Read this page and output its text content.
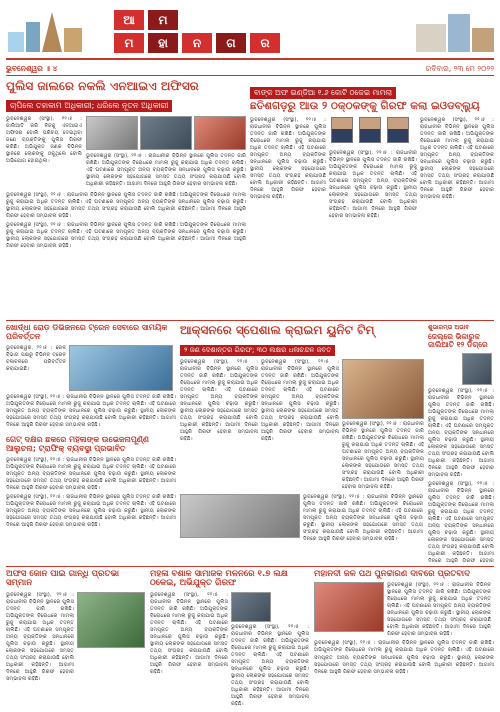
ଆ	ମ
ମ	ହା	ନ	ଗ	ର
ଭୁବନେଶ୍ୱର ॥ ୪	ରବିବାର, ୨୩ ମେ ୨୦୨୨
ପୁଲିସ ଜାଲରେ ନକଲି ଏନଆଇଏ ଅଫିସର
ଚାପିଲେ ତହାକାମ ଅଧିକାରୀ; ଧରିଲେ ନୂତନ ଅଧିକାରୀ
ଭୁବନେଶ୍ୱର (ସଂସ୍ଥା), ୨୨।୫ : ଜାଲିଆତି କରି ନିଜକୁ ଏନଆଇଏ ଅଫିସର ବୋଲି ପରିଚୟ ଦେଇଥିବା ଜଣେ ବ୍ୟକ୍ତିଙ୍କୁ ପୁଲିସ ଗିରଫ କରିଛି। ଅଭିଯୁକ୍ତ ଜଣକ ବିଭିନ୍ନ ସ୍ଥାନରେ ଲୋକଙ୍କୁ ଠକୁଥିଲେ ବୋଲି ଅଭିଯୋଗ ହୋଇଥିଲା।
ଭୁବନେଶ୍ୱର (ସଂସ୍ଥା), ୨୨।୫ : ରାଜଧାନୀର ବିଭିନ୍ନ ସ୍ଥାନରେ ପୁଲିସ ତଦନ୍ତ ଜାରି ରଖିଛି। ଅଭିଯୁକ୍ତଙ୍କ ବିରୋଧରେ ମାମଲା ରୁଜୁ କରାଯାଇ ଅଧିକ ତଦନ୍ତ ଚାଲିଛି। ଏହି ଘଟଣାରେ ସମ୍ପୃକ୍ତ ଅନ୍ୟ ବ୍ୟକ୍ତିଙ୍କ ସନ୍ଧାନରେ ପୁଲିସ ଚଢ଼ାଉ କରୁଛି। ସ୍ଥାନୀୟ ଲୋକଙ୍କ ସହଯୋଗରେ ସମସ୍ତ ତଥ୍ୟ ସଂଗ୍ରହ କରାଯାଉଛି ବୋଲି ଅଧିକାରୀ କହିଛନ୍ତି। ଆଗାମୀ ଦିନରେ ଆହୁରି ଗିରଫ ହେବାର ସମ୍ଭାବନା ରହିଛି।
ଭୁବନେଶ୍ୱର (ସଂସ୍ଥା), ୨୨।୫ : ରାଜଧାନୀର ବିଭିନ୍ନ ସ୍ଥାନରେ ପୁଲିସ ତଦନ୍ତ ଜାରି ରଖିଛି। ଅଭିଯୁକ୍ତଙ୍କ ବିରୋଧରେ ମାମଲା ରୁଜୁ କରାଯାଇ ଅଧିକ ତଦନ୍ତ ଚାଲିଛି। ଏହି ଘଟଣାରେ ସମ୍ପୃକ୍ତ ଅନ୍ୟ ବ୍ୟକ୍ତିଙ୍କ ସନ୍ଧାନରେ ପୁଲିସ ଚଢ଼ାଉ କରୁଛି। ସ୍ଥାନୀୟ ଲୋକଙ୍କ ସହଯୋଗରେ ସମସ୍ତ ତଥ୍ୟ ସଂଗ୍ରହ କରାଯାଉଛି ବୋଲି ଅଧିକାରୀ କହିଛନ୍ତି। ଆଗାମୀ ଦିନରେ ଆହୁରି ଗିରଫ ହେବାର ସମ୍ଭାବନା ରହିଛି।
ଭୁବନେଶ୍ୱର (ସଂସ୍ଥା), ୨୨।୫ : ରାଜଧାନୀର ବିଭିନ୍ନ ସ୍ଥାନରେ ପୁଲିସ ତଦନ୍ତ ଜାରି ରଖିଛି। ଅଭିଯୁକ୍ତଙ୍କ ବିରୋଧରେ ମାମଲା ରୁଜୁ କରାଯାଇ ଅଧିକ ତଦନ୍ତ ଚାଲିଛି। ଏହି ଘଟଣାରେ ସମ୍ପୃକ୍ତ ଅନ୍ୟ ବ୍ୟକ୍ତିଙ୍କ ସନ୍ଧାନରେ ପୁଲିସ ଚଢ଼ାଉ କରୁଛି। ସ୍ଥାନୀୟ ଲୋକଙ୍କ ସହଯୋଗରେ ସମସ୍ତ ତଥ୍ୟ ସଂଗ୍ରହ କରାଯାଉଛି ବୋଲି ଅଧିକାରୀ କହିଛନ୍ତି। ଆଗାମୀ ଦିନରେ ଆହୁରି ଗିରଫ ହେବାର ସମ୍ଭାବନା ରହିଛି।
ବାଙ୍କ ଅଫ ଇଣ୍ଡିଆ ୧.୬ କୋଟି ଠକେଇ ମାମଲା
ଛତିଶଗଡ଼ରୁ ଆଉ ୨ ଠକ୍ଠକଙ୍କୁ ଗିରଫ କଲା ଇଓଡବ୍ଲ୍ୟୁ
ଭୁବନେଶ୍ୱର (ସଂସ୍ଥା), ୨୨।୫ : ରାଜଧାନୀର ବିଭିନ୍ନ ସ୍ଥାନରେ ପୁଲିସ ତଦନ୍ତ ଜାରି ରଖିଛି। ଅଭିଯୁକ୍ତଙ୍କ ବିରୋଧରେ ମାମଲା ରୁଜୁ କରାଯାଇ ଅଧିକ ତଦନ୍ତ ଚାଲିଛି। ଏହି ଘଟଣାରେ ସମ୍ପୃକ୍ତ ଅନ୍ୟ ବ୍ୟକ୍ତିଙ୍କ ସନ୍ଧାନରେ ପୁଲିସ ଚଢ଼ାଉ କରୁଛି। ସ୍ଥାନୀୟ ଲୋକଙ୍କ ସହଯୋଗରେ ସମସ୍ତ ତଥ୍ୟ ସଂଗ୍ରହ କରାଯାଉଛି ବୋଲି ଅଧିକାରୀ କହିଛନ୍ତି। ଆଗାମୀ ଦିନରେ ଆହୁରି ଗିରଫ ହେବାର ସମ୍ଭାବନା ରହିଛି।
ଭୁବନେଶ୍ୱର (ସଂସ୍ଥା), ୨୨।୫ : ରାଜଧାନୀର ବିଭିନ୍ନ ସ୍ଥାନରେ ପୁଲିସ ତଦନ୍ତ ଜାରି ରଖିଛି। ଅଭିଯୁକ୍ତଙ୍କ ବିରୋଧରେ ମାମଲା ରୁଜୁ କରାଯାଇ ଅଧିକ ତଦନ୍ତ ଚାଲିଛି। ଏହି ଘଟଣାରେ ସମ୍ପୃକ୍ତ ଅନ୍ୟ ବ୍ୟକ୍ତିଙ୍କ ସନ୍ଧାନରେ ପୁଲିସ ଚଢ଼ାଉ କରୁଛି। ସ୍ଥାନୀୟ ଲୋକଙ୍କ ସହଯୋଗରେ ସମସ୍ତ ତଥ୍ୟ ସଂଗ୍ରହ କରାଯାଉଛି ବୋଲି ଅଧିକାରୀ କହିଛନ୍ତି। ଆଗାମୀ ଦିନରେ ଆହୁରି ଗିରଫ ହେବାର ସମ୍ଭାବନା ରହିଛି।
ଭୁବନେଶ୍ୱର (ସଂସ୍ଥା), ୨୨।୫ : ରାଜଧାନୀର ବିଭିନ୍ନ ସ୍ଥାନରେ ପୁଲିସ ତଦନ୍ତ ଜାରି ରଖିଛି। ଅଭିଯୁକ୍ତଙ୍କ ବିରୋଧରେ ମାମଲା ରୁଜୁ କରାଯାଇ ଅଧିକ ତଦନ୍ତ ଚାଲିଛି। ଏହି ଘଟଣାରେ ସମ୍ପୃକ୍ତ ଅନ୍ୟ ବ୍ୟକ୍ତିଙ୍କ ସନ୍ଧାନରେ ପୁଲିସ ଚଢ଼ାଉ କରୁଛି। ସ୍ଥାନୀୟ ଲୋକଙ୍କ ସହଯୋଗରେ ସମସ୍ତ ତଥ୍ୟ ସଂଗ୍ରହ କରାଯାଉଛି ବୋଲି ଅଧିକାରୀ କହିଛନ୍ତି। ଆଗାମୀ ଦିନରେ ଆହୁରି ଗିରଫ ହେବାର ସମ୍ଭାବନା ରହିଛି।
ଖୋର୍ଦ୍ଧା ରୋଡ଼ ଡିଭିଜନରେ ଟ୍ରେନ ସେବାରେ ସାମୟିକ ପରିବର୍ତ୍ତନ
ଭୁବନେଶ୍ୱର, ୨୨।୫ : ରେଳ ବିଭାଗ ପକ୍ଷରୁ ବିଭିନ୍ନ ଟ୍ରେନ ଚଳାଚଳରେ ପରିବର୍ତ୍ତନ କରାଯାଇଛି।
ଭୁବନେଶ୍ୱର (ସଂସ୍ଥା), ୨୨।୫ : ରାଜଧାନୀର ବିଭିନ୍ନ ସ୍ଥାନରେ ପୁଲିସ ତଦନ୍ତ ଜାରି ରଖିଛି। ଅଭିଯୁକ୍ତଙ୍କ ବିରୋଧରେ ମାମଲା ରୁଜୁ କରାଯାଇ ଅଧିକ ତଦନ୍ତ ଚାଲିଛି। ଏହି ଘଟଣାରେ ସମ୍ପୃକ୍ତ ଅନ୍ୟ ବ୍ୟକ୍ତିଙ୍କ ସନ୍ଧାନରେ ପୁଲିସ ଚଢ଼ାଉ କରୁଛି। ସ୍ଥାନୀୟ ଲୋକଙ୍କ ସହଯୋଗରେ ସମସ୍ତ ତଥ୍ୟ ସଂଗ୍ରହ କରାଯାଉଛି ବୋଲି ଅଧିକାରୀ କହିଛନ୍ତି। ଆଗାମୀ ଦିନରେ ଆହୁରି ଗିରଫ ହେବାର ସମ୍ଭାବନା ରହିଛି।
ଆକ୍ସନରେ ସ୍ପେଶାଲ କ୍ରାଇମ ୟୁନିଟ ଟିମ୍
୨ ଜଣ ଦେଶାନ୍ତର ଗିରଫ; ୩୦ ଲକ୍ଷର ଧଳାଚନ୍ଦନ ଜବତ
ଭୁବନେଶ୍ୱର (ସଂସ୍ଥା), ୨୨।୫ : ରାଜଧାନୀର ବିଭିନ୍ନ ସ୍ଥାନରେ ପୁଲିସ ତଦନ୍ତ ଜାରି ରଖିଛି। ଅଭିଯୁକ୍ତଙ୍କ ବିରୋଧରେ ମାମଲା ରୁଜୁ କରାଯାଇ ଅଧିକ ତଦନ୍ତ ଚାଲିଛି। ଏହି ଘଟଣାରେ ସମ୍ପୃକ୍ତ ଅନ୍ୟ ବ୍ୟକ୍ତିଙ୍କ ସନ୍ଧାନରେ ପୁଲିସ ଚଢ଼ାଉ କରୁଛି। ସ୍ଥାନୀୟ ଲୋକଙ୍କ ସହଯୋଗରେ ସମସ୍ତ ତଥ୍ୟ ସଂଗ୍ରହ କରାଯାଉଛି ବୋଲି ଅଧିକାରୀ କହିଛନ୍ତି। ଆଗାମୀ ଦିନରେ ଆହୁରି ଗିରଫ ହେବାର ସମ୍ଭାବନା ରହିଛି।
ଭୁବନେଶ୍ୱର (ସଂସ୍ଥା), ୨୨।୫ : ରାଜଧାନୀର ବିଭିନ୍ନ ସ୍ଥାନରେ ପୁଲିସ ତଦନ୍ତ ଜାରି ରଖିଛି। ଅଭିଯୁକ୍ତଙ୍କ ବିରୋଧରେ ମାମଲା ରୁଜୁ କରାଯାଇ ଅଧିକ ତଦନ୍ତ ଚାଲିଛି। ଏହି ଘଟଣାରେ ସମ୍ପୃକ୍ତ ଅନ୍ୟ ବ୍ୟକ୍ତିଙ୍କ ସନ୍ଧାନରେ ପୁଲିସ ଚଢ଼ାଉ କରୁଛି। ସ୍ଥାନୀୟ ଲୋକଙ୍କ ସହଯୋଗରେ ସମସ୍ତ ତଥ୍ୟ ସଂଗ୍ରହ କରାଯାଉଛି ବୋଲି ଅଧିକାରୀ କହିଛନ୍ତି। ଆଗାମୀ ଦିନରେ ଆହୁରି ଗିରଫ ହେବାର ସମ୍ଭାବନା ରହିଛି।
ଭୁବନେଶ୍ୱର (ସଂସ୍ଥା), ୨୨।୫ : ରାଜଧାନୀର ବିଭିନ୍ନ ସ୍ଥାନରେ ପୁଲିସ ତଦନ୍ତ ଜାରି ରଖିଛି। ଅଭିଯୁକ୍ତଙ୍କ ବିରୋଧରେ ମାମଲା ରୁଜୁ କରାଯାଇ ଅଧିକ ତଦନ୍ତ ଚାଲିଛି। ଏହି ଘଟଣାରେ ସମ୍ପୃକ୍ତ ଅନ୍ୟ ବ୍ୟକ୍ତିଙ୍କ ସନ୍ଧାନରେ ପୁଲିସ ଚଢ଼ାଉ କରୁଛି। ସ୍ଥାନୀୟ ଲୋକଙ୍କ ସହଯୋଗରେ ସମସ୍ତ ତଥ୍ୟ ସଂଗ୍ରହ କରାଯାଉଛି ବୋଲି ଅଧିକାରୀ କହିଛନ୍ତି। ଆଗାମୀ ଦିନରେ ଆହୁରି ଗିରଫ ହେବାର ସମ୍ଭାବନା ରହିଛି।
ଭୁବନେଶ୍ୱର (ସଂସ୍ଥା), ୨୨।୫ : ରାଜଧାନୀର ବିଭିନ୍ନ ସ୍ଥାନରେ ପୁଲିସ ତଦନ୍ତ ଜାରି ରଖିଛି। ଅଭିଯୁକ୍ତଙ୍କ ବିରୋଧରେ ମାମଲା ରୁଜୁ କରାଯାଇ ଅଧିକ ତଦନ୍ତ ଚାଲିଛି। ଏହି ଘଟଣାରେ ସମ୍ପୃକ୍ତ ଅନ୍ୟ ବ୍ୟକ୍ତିଙ୍କ ସନ୍ଧାନରେ ପୁଲିସ ଚଢ଼ାଉ କରୁଛି। ସ୍ଥାନୀୟ ଲୋକଙ୍କ ସହଯୋଗରେ ସମସ୍ତ ତଥ୍ୟ ସଂଗ୍ରହ କରାଯାଉଛି ବୋଲି ଅଧିକାରୀ କହିଛନ୍ତି। ଆଗାମୀ ଦିନରେ ଆହୁରି ଗିରଫ ହେବାର ସମ୍ଭାବନା ରହିଛି।
ଶୁଭାରମ୍ଭ ଅଭାବ
ଜେଲ୍‌ରେ ଭିକାରୁକ ଜାଲିଆତି ୧୨ ଡିଗ୍ରେ
ଭୁବନେଶ୍ୱର (ସଂସ୍ଥା), ୨୨।୫ : ରାଜଧାନୀର ବିଭିନ୍ନ ସ୍ଥାନରେ ପୁଲିସ ତଦନ୍ତ ଜାରି ରଖିଛି। ଅଭିଯୁକ୍ତଙ୍କ ବିରୋଧରେ ମାମଲା ରୁଜୁ କରାଯାଇ ଅଧିକ ତଦନ୍ତ ଚାଲିଛି। ଏହି ଘଟଣାରେ ସମ୍ପୃକ୍ତ ଅନ୍ୟ ବ୍ୟକ୍ତିଙ୍କ ସନ୍ଧାନରେ ପୁଲିସ ଚଢ଼ାଉ କରୁଛି। ସ୍ଥାନୀୟ ଲୋକଙ୍କ ସହଯୋଗରେ ସମସ୍ତ ତଥ୍ୟ ସଂଗ୍ରହ କରାଯାଉଛି ବୋଲି ଅଧିକାରୀ କହିଛନ୍ତି। ଆଗାମୀ ଦିନରେ ଆହୁରି ଗିରଫ ହେବାର ସମ୍ଭାବନା ରହିଛି।
ଭୁବନେଶ୍ୱର (ସଂସ୍ଥା), ୨୨।୫ : ରାଜଧାନୀର ବିଭିନ୍ନ ସ୍ଥାନରେ ପୁଲିସ ତଦନ୍ତ ଜାରି ରଖିଛି। ଅଭିଯୁକ୍ତଙ୍କ ବିରୋଧରେ ମାମଲା ରୁଜୁ କରାଯାଇ ଅଧିକ ତଦନ୍ତ ଚାଲିଛି। ଏହି ଘଟଣାରେ ସମ୍ପୃକ୍ତ ଅନ୍ୟ ବ୍ୟକ୍ତିଙ୍କ ସନ୍ଧାନରେ ପୁଲିସ ଚଢ଼ାଉ କରୁଛି। ସ୍ଥାନୀୟ ଲୋକଙ୍କ ସହଯୋଗରେ ସମସ୍ତ ତଥ୍ୟ ସଂଗ୍ରହ କରାଯାଉଛି ବୋଲି ଅଧିକାରୀ କହିଛନ୍ତି। ଆଗାମୀ ଦିନରେ ଆହୁରି ଗିରଫ ହେବାର
ଗେଟ୍ ଦକ୍ଷର ଛକରେ ମହିଳାଙ୍କ ଉଭେଜନାପୂର୍ଣ୍ଣ ଆଲୁଚନା; ଟ୍ରାଫିକ୍ ବ୍ୟବସ୍ଥା ପ୍ରଭାବିତ
ଭୁବନେଶ୍ୱର (ସଂସ୍ଥା), ୨୨।୫ : ରାଜଧାନୀର ବିଭିନ୍ନ ସ୍ଥାନରେ ପୁଲିସ ତଦନ୍ତ ଜାରି ରଖିଛି। ଅଭିଯୁକ୍ତଙ୍କ ବିରୋଧରେ ମାମଲା ରୁଜୁ କରାଯାଇ ଅଧିକ ତଦନ୍ତ ଚାଲିଛି। ଏହି ଘଟଣାରେ ସମ୍ପୃକ୍ତ ଅନ୍ୟ ବ୍ୟକ୍ତିଙ୍କ ସନ୍ଧାନରେ ପୁଲିସ ଚଢ଼ାଉ କରୁଛି। ସ୍ଥାନୀୟ ଲୋକଙ୍କ ସହଯୋଗରେ ସମସ୍ତ ତଥ୍ୟ ସଂଗ୍ରହ କରାଯାଉଛି ବୋଲି ଅଧିକାରୀ କହିଛନ୍ତି। ଆଗାମୀ ଦିନରେ ଆହୁରି ଗିରଫ ହେବାର ସମ୍ଭାବନା ରହିଛି।
ଭୁବନେଶ୍ୱର (ସଂସ୍ଥା), ୨୨।୫ : ରାଜଧାନୀର ବିଭିନ୍ନ ସ୍ଥାନରେ ପୁଲିସ ତଦନ୍ତ ଜାରି ରଖିଛି। ଅଭିଯୁକ୍ତଙ୍କ ବିରୋଧରେ ମାମଲା ରୁଜୁ କରାଯାଇ ଅଧିକ ତଦନ୍ତ ଚାଲିଛି। ଏହି ଘଟଣାରେ ସମ୍ପୃକ୍ତ ଅନ୍ୟ ବ୍ୟକ୍ତିଙ୍କ ସନ୍ଧାନରେ ପୁଲିସ ଚଢ଼ାଉ କରୁଛି। ସ୍ଥାନୀୟ ଲୋକଙ୍କ ସହଯୋଗରେ ସମସ୍ତ ତଥ୍ୟ ସଂଗ୍ରହ କରାଯାଉଛି ବୋଲି ଅଧିକାରୀ କହିଛନ୍ତି। ଆଗାମୀ ଦିନରେ ଆହୁରି ଗିରଫ ହେବାର ସମ୍ଭାବନା ରହିଛି।
ଅଫିସ ଜୋନ ପାଇଁ ଗାନ୍ଧି ପ୍ରତିଭା ସମ୍ମାନ
ଭୁବନେଶ୍ୱର (ସଂସ୍ଥା), ୨୨।୫ : ରାଜଧାନୀର ବିଭିନ୍ନ ସ୍ଥାନରେ ପୁଲିସ ତଦନ୍ତ ଜାରି ରଖିଛି। ଅଭିଯୁକ୍ତଙ୍କ ବିରୋଧରେ ମାମଲା ରୁଜୁ କରାଯାଇ ଅଧିକ ତଦନ୍ତ ଚାଲିଛି। ଏହି ଘଟଣାରେ ସମ୍ପୃକ୍ତ ଅନ୍ୟ ବ୍ୟକ୍ତିଙ୍କ ସନ୍ଧାନରେ ପୁଲିସ ଚଢ଼ାଉ କରୁଛି। ସ୍ଥାନୀୟ ଲୋକଙ୍କ ସହଯୋଗରେ ସମସ୍ତ ତଥ୍ୟ ସଂଗ୍ରହ କରାଯାଉଛି ବୋଲି ଅଧିକାରୀ କହିଛନ୍ତି। ଆଗାମୀ ଦିନରେ ଆହୁରି ଗିରଫ ହେବାର ସମ୍ଭାବନା ରହିଛି।
ମହିଳା ବିଶାଳ ସାମାଜିକ ମିଳନରେ ୧.୭ ଲକ୍ଷ ଠକେଇ, ଅଭିଯୁକ୍ତ ଗିରଫ
ଭୁବନେଶ୍ୱର (ସଂସ୍ଥା), ୨୨।୫ : ରାଜଧାନୀର ବିଭିନ୍ନ ସ୍ଥାନରେ ପୁଲିସ ତଦନ୍ତ ଜାରି ରଖିଛି। ଅଭିଯୁକ୍ତଙ୍କ ବିରୋଧରେ ମାମଲା ରୁଜୁ କରାଯାଇ ଅଧିକ ତଦନ୍ତ ଚାଲିଛି। ଏହି ଘଟଣାରେ ସମ୍ପୃକ୍ତ ଅନ୍ୟ ବ୍ୟକ୍ତିଙ୍କ ସନ୍ଧାନରେ ପୁଲିସ ଚଢ଼ାଉ କରୁଛି। ସ୍ଥାନୀୟ ଲୋକଙ୍କ ସହଯୋଗରେ ସମସ୍ତ ତଥ୍ୟ ସଂଗ୍ରହ କରାଯାଉଛି ବୋଲି ଅଧିକାରୀ କହିଛନ୍ତି। ଆଗାମୀ ଦିନରେ ଆହୁରି ଗିରଫ ହେବାର ସମ୍ଭାବନା ରହିଛି।
ଭୁବନେଶ୍ୱର (ସଂସ୍ଥା), ୨୨।୫ : ରାଜଧାନୀର ବିଭିନ୍ନ ସ୍ଥାନରେ ପୁଲିସ ତଦନ୍ତ ଜାରି ରଖିଛି। ଅଭିଯୁକ୍ତଙ୍କ ବିରୋଧରେ ମାମଲା ରୁଜୁ କରାଯାଇ ଅଧିକ ତଦନ୍ତ ଚାଲିଛି। ଏହି ଘଟଣାରେ ସମ୍ପୃକ୍ତ ଅନ୍ୟ ବ୍ୟକ୍ତିଙ୍କ ସନ୍ଧାନରେ ପୁଲିସ ଚଢ଼ାଉ କରୁଛି। ସ୍ଥାନୀୟ ଲୋକଙ୍କ ସହଯୋଗରେ ସମସ୍ତ ତଥ୍ୟ ସଂଗ୍ରହ କରାଯାଉଛି ବୋଲି ଅଧିକାରୀ କହିଛନ୍ତି। ଆଗାମୀ ଦିନରେ ଆହୁରି ଗିରଫ ହେବାର ସମ୍ଭାବନା ରହିଛି।
ମହାନଦୀ ଜଳ ପଥ ପୁନର୍ଚ୍ଚାରଣ ଦାବିରେ ପ୍ରତିବାଦ
ଭୁବନେଶ୍ୱର (ସଂସ୍ଥା), ୨୨।୫ : ରାଜଧାନୀର ବିଭିନ୍ନ ସ୍ଥାନରେ ପୁଲିସ ତଦନ୍ତ ଜାରି ରଖିଛି। ଅଭିଯୁକ୍ତଙ୍କ ବିରୋଧରେ ମାମଲା ରୁଜୁ କରାଯାଇ ଅଧିକ ତଦନ୍ତ ଚାଲିଛି। ଏହି ଘଟଣାରେ ସମ୍ପୃକ୍ତ ଅନ୍ୟ ବ୍ୟକ୍ତିଙ୍କ ସନ୍ଧାନରେ ପୁଲିସ ଚଢ଼ାଉ କରୁଛି। ସ୍ଥାନୀୟ ଲୋକଙ୍କ ସହଯୋଗରେ ସମସ୍ତ ତଥ୍ୟ ସଂଗ୍ରହ କରାଯାଉଛି ବୋଲି ଅଧିକାରୀ କହିଛନ୍ତି। ଆଗାମୀ ଦିନରେ ଆହୁରି ଗିରଫ ହେବାର ସମ୍ଭାବନା ରହିଛି।
ଭୁବନେଶ୍ୱର (ସଂସ୍ଥା), ୨୨।୫ : ରାଜଧାନୀର ବିଭିନ୍ନ ସ୍ଥାନରେ ପୁଲିସ ତଦନ୍ତ ଜାରି ରଖିଛି। ଅଭିଯୁକ୍ତଙ୍କ ବିରୋଧରେ ମାମଲା ରୁଜୁ କରାଯାଇ ଅଧିକ ତଦନ୍ତ ଚାଲିଛି। ଏହି ଘଟଣାରେ ସମ୍ପୃକ୍ତ ଅନ୍ୟ ବ୍ୟକ୍ତିଙ୍କ ସନ୍ଧାନରେ ପୁଲିସ ଚଢ଼ାଉ କରୁଛି। ସ୍ଥାନୀୟ ଲୋକଙ୍କ ସହଯୋଗରେ ସମସ୍ତ ତଥ୍ୟ ସଂଗ୍ରହ କରାଯାଉଛି ବୋଲି ଅଧିକାରୀ କହିଛନ୍ତି। ଆଗାମୀ ଦିନରେ ଆହୁରି ଗିରଫ ହେବାର ସମ୍ଭାବନା ରହିଛି।
